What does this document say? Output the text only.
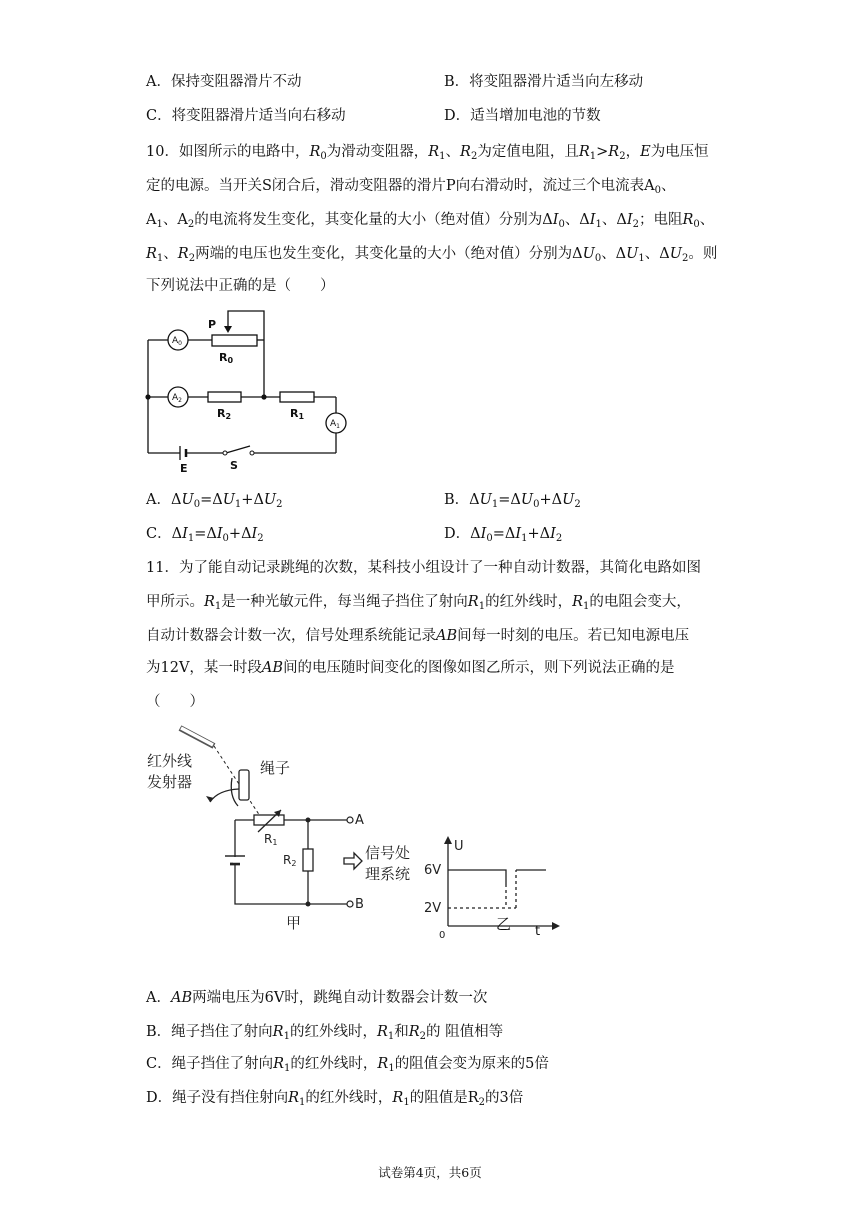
A．保持变阻器滑片不动	B．将变阻器滑片适当向左移动
C．将变阻器滑片适当向右移动	D．适当增加电池的节数
10．如图所示的电路中，$R_0$为滑动变阻器，$R_1$、$R_2$为定值电阻，且$R_1>R_2$，E为电压恒
定的电源。当开关S闭合后，滑动变阻器的滑片P向右滑动时，流过三个电流表$A_0$、
$A_1$、$A_2$的电流将发生变化，其变化量的大小（绝对值）分别为$\Delta I_0$、$\Delta I_1$、$\Delta I_2$；电阻$R_0$、
$R_1$、$R_2$两端的电压也发生变化，其变化量的大小（绝对值）分别为$\Delta U_0$、$\Delta U_1$、$\Delta U_2$。则
下列说法中正确的是（　　）
$A_0$
$A_2$
$A_1$
P
R0
R2	R1
E	S
A．$\Delta U_0=\Delta U_1+\Delta U_2$	B．$\Delta U_1=\Delta U_0+\Delta U_2$
C．$\Delta I_1=\Delta I_0+\Delta I_2$	D．$\Delta I_0=\Delta I_1+\Delta I_2$
11．为了能自动记录跳绳的次数，某科技小组设计了一种自动计数器，其简化电路如图
甲所示。$R_1$是一种光敏元件，每当绳子挡住了射向$R_1$的红外线时，$R_1$的电阻会变大，
自动计数器会计数一次，信号处理系统能记录AB间每一时刻的电压。若已知电源电压
为12V，某一时段AB间的电压随时间变化的图像如图乙所示，则下列说法正确的是
（　　）
红外线
发射器
绳子
R1
R2
A
B
信号处
理系统
甲
U
6V
2V
0	t
乙
A．AB两端电压为6V时，跳绳自动计数器会计数一次
B．绳子挡住了射向$R_1$的红外线时，$R_1$和$R_2$的 阻值相等
C．绳子挡住了射向$R_1$的红外线时，$R_1$的阻值会变为原来的5倍
D．绳子没有挡住射向$R_1$的红外线时，$R_1$的阻值是$R_2$的3倍
试卷第4页，共6页
